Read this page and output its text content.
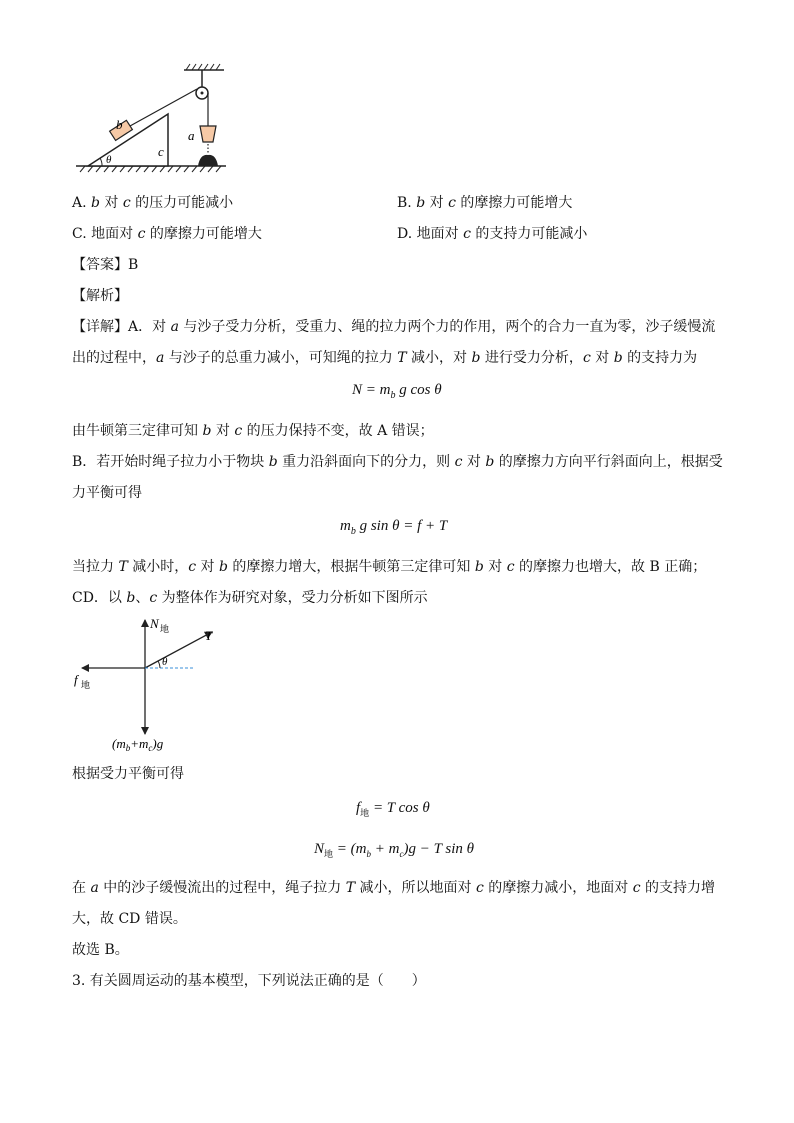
θ
b
a
c
A. b 对 c 的压力可能减小	B. b 对 c 的摩擦力可能增大
C. 地面对 c 的摩擦力可能增大	D. 地面对 c 的支持力可能减小
【答案】B
【解析】
【详解】A．对 a 与沙子受力分析，受重力、绳的拉力两个力的作用，两个的合力一直为零，沙子缓慢流
出的过程中，a 与沙子的总重力减小，可知绳的拉力 T 减小，对 b 进行受力分析，c 对 b 的支持力为
$N = m_b$ g cos θ
由牛顿第三定律可知 b 对 c 的压力保持不变，故 A 错误；
B．若开始时绳子拉力小于物块 b 重力沿斜面向下的分力，则 c 对 b 的摩擦力方向平行斜面向上，根据受
力平衡可得
$m_b$ g sin θ = f + T
当拉力 T 减小时，c 对 b 的摩擦力增大，根据牛顿第三定律可知 b 对 c 的摩擦力也增大，故 B 正确；
CD．以 b、c 为整体作为研究对象，受力分析如下图所示
θ
N 地	T
f 地
$(m_b+m_c)g$
(m_b+m_c)g
根据受力平衡可得
$f_地 = T$ cos θ
$N_地 = (m_b + m_c)g - T$ sin θ
在 a 中的沙子缓慢流出的过程中，绳子拉力 T 减小，所以地面对 c 的摩擦力减小，地面对 c 的支持力增
大，故 CD 错误。
故选 B。
3. 有关圆周运动的基本模型，下列说法正确的是（　　）
